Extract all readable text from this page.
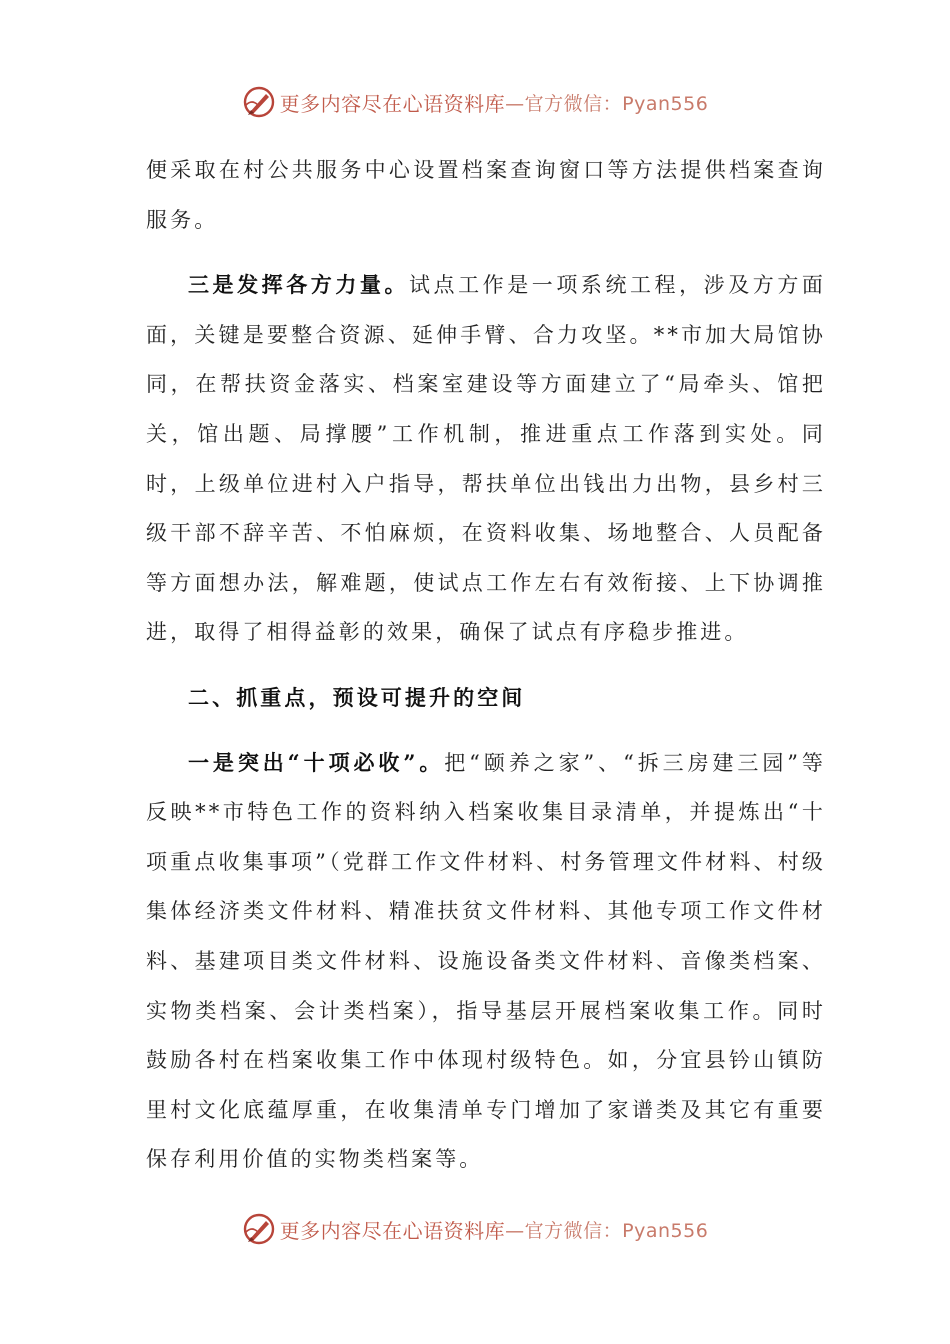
更多内容尽在心语资料库 —官方微信：Pyan556

便采取在村公共服务中心设置档案查询窗口等方法提供档案查询服务。

三是发挥各方力量。试点工作是一项系统工程，涉及方方面面，关键是要整合资源、延伸手臂、合力攻坚。**市加大局馆协同，在帮扶资金落实、档案室建设等方面建立了“局牵头、馆把关，馆出题、局撑腰”工作机制，推进重点工作落到实处。同时，上级单位进村入户指导，帮扶单位出钱出力出物，县乡村三级干部不辞辛苦、不怕麻烦，在资料收集、场地整合、人员配备等方面想办法，解难题，使试点工作左右有效衔接、上下协调推进，取得了相得益彰的效果，确保了试点有序稳步推进。

二、抓重点，预设可提升的空间

一是突出“十项必收”。把“颐养之家”、“拆三房建三园”等反映**市特色工作的资料纳入档案收集目录清单，并提炼出“十项重点收集事项”（党群工作文件材料、村务管理文件材料、村级集体经济类文件材料、精准扶贫文件材料、其他专项工作文件材料、基建项目类文件材料、设施设备类文件材料、音像类档案、实物类档案、会计类档案），指导基层开展档案收集工作。同时鼓励各村在档案收集工作中体现村级特色。如，分宜县钤山镇防里村文化底蕴厚重，在收集清单专门增加了家谱类及其它有重要保存利用价值的实物类档案等。

更多内容尽在心语资料库 —官方微信：Pyan556
